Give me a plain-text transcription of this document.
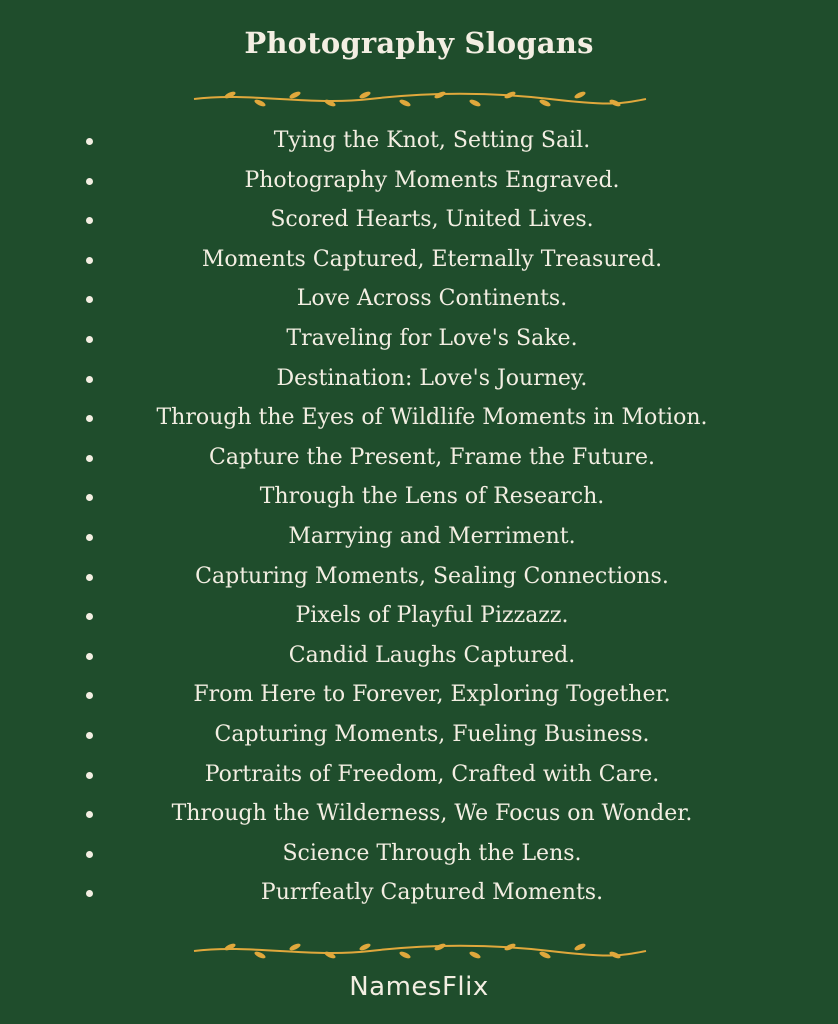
Photography Slogans
Tying the Knot, Setting Sail.
Photography Moments Engraved.
Scored Hearts, United Lives.
Moments Captured, Eternally Treasured.
Love Across Continents.
Traveling for Love's Sake.
Destination: Love's Journey.
Through the Eyes of Wildlife Moments in Motion.
Capture the Present, Frame the Future.
Through the Lens of Research.
Marrying and Merriment.
Capturing Moments, Sealing Connections.
Pixels of Playful Pizzazz.
Candid Laughs Captured.
From Here to Forever, Exploring Together.
Capturing Moments, Fueling Business.
Portraits of Freedom, Crafted with Care.
Through the Wilderness, We Focus on Wonder.
Science Through the Lens.
Purrfeatly Captured Moments.
NamesFlix
